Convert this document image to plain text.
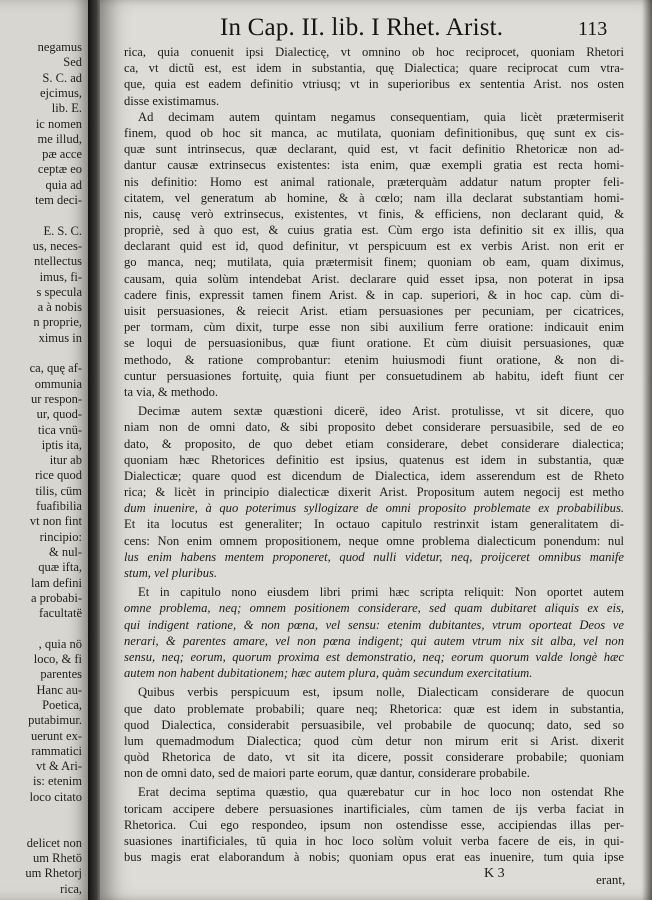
negamus
Sed
S. C. ad
ejcimus,
lib. E.
ic nomen
me illud,
pæ acce
ceptæ eo
quia ad
tem deci-
E. S. C.
us, neces-
ntellectus
imus, fi-
s specula
a à nobis
n proprie,
ximus in
ca, quę af-
ommunia
ur respon-
ur, quod-
tica vnü-
iptis ita,
itur ab
rice quod
tilis, cüm
fuafibilia
vt non fint
rincipio:
& nul-
quæ ifta,
lam defini
a probabi-
facultatë
, quia nö
loco, & fi
parentes
Hanc au-
Poetica,
putabimur.
uerunt ex-
rammatici
vt & Ari-
is: etenim
loco citato
delicet non
um Rhetö
um Rhetorj
rica,
In Cap. II. lib. I Rhet. Arist.	113
rica, quia conuenit ipsi Dialecticę, vt omnino ob hoc reciprocet, quoniam Rhetori
ca, vt dictũ est, est idem in substantia, quę Dialectica; quare reciprocat cum vtra-
que, quia est eadem definitio vtriusq; vt in superioribus ex sententia Arist. nos osten
disse existimamus.
Ad decimam autem quintam negamus consequentiam, quia licèt prætermiserit
finem, quod ob hoc sit manca, ac mutilata, quoniam definitionibus, quę sunt ex cis-
quæ sunt intrinsecus, quæ declarant, quid est, vt facit definitio Rhetoricæ non ad-
dantur causæ extrinsecus existentes: ista enim, quæ exempli gratia est recta homi-
nis definitio: Homo est animal rationale, præterquàm addatur natum propter feli-
citatem, vel generatum ab homine, & à cœlo; nam illa declarat substantiam homi-
nis, causę verò extrinsecus, existentes, vt finis, & efficiens, non declarant quid, &
propriè, sed à quo est, & cuius gratia est. Cùm ergo ista definitio sit ex illis, qua
declarant quid est id, quod definitur, vt perspicuum est ex verbis Arist. non erit er
go manca, neq; mutilata, quia prætermisit finem; quoniam ob eam, quam diximus,
causam, quia solùm intendebat Arist. declarare quid esset ipsa, non poterat in ipsa
cadere finis, expressit tamen finem Arist. & in cap. superiori, & in hoc cap. cùm di-
uisit persuasiones, & reiecit Arist. etiam persuasiones per pecuniam, per cicatrices,
per tormam, cùm dixit, turpe esse non sibi auxilium ferre oratione: indicauit enim
se loqui de persuasionibus, quæ fiunt oratione. Et cùm diuisit persuasiones, quæ
methodo, & ratione comprobantur: etenim huiusmodi fiunt oratione, & non di-
cuntur persuasiones fortuitę, quia fiunt per consuetudinem ab habitu, ideft fiunt cer
ta via, & methodo.
Decimæ autem sextæ quæstioni dicerë, ideo Arist. protulisse, vt sit dicere, quo
niam non de omni dato, & sibi proposito debet considerare persuasibile, sed de eo
dato, & proposito, de quo debet etiam considerare, debet considerare dialectica;
quoniam hæc Rhetorices definitio est ipsius, quatenus est idem in substantia, quæ
Dialecticæ; quare quod est dicendum de Dialectica, idem asserendum est de Rheto
rica; & licèt in principio dialecticæ dixerit Arist. Propositum autem negocij est metho
dum inuenire, à quo poterimus syllogizare de omni proposito problemate ex probabilibus.
Et ita locutus est generaliter; In octauo capitulo restrinxit istam generalitatem di-
cens: Non enim omnem propositionem, neque omne problema dialecticum ponendum: nul
lus enim habens mentem proponeret, quod nulli videtur, neq, proijceret omnibus manife
stum, vel pluribus.
Et in capitulo nono eiusdem libri primi hæc scripta reliquit: Non oportet autem
omne problema, neq; omnem positionem considerare, sed quam dubitaret aliquis ex eis,
qui indigent ratione, & non pœna, vel sensu: etenim dubitantes, vtrum oporteat Deos ve
nerari, & parentes amare, vel non pœna indigent; qui autem vtrum nix sit alba, vel non
sensu, neq; eorum, quorum proxima est demonstratio, neq; eorum quorum valde longè hæc
autem non habent dubitationem; hæc autem plura, quàm secundum exercitatium.
Quibus verbis perspicuum est, ipsum nolle, Dialecticam considerare de quocun
que dato problemate probabili; quare neq; Rhetorica: quæ est idem in substantia,
quod Dialectica, considerabit persuasibile, vel probabile de quocunq; dato, sed so
lum quemadmodum Dialectica; quod cùm detur non mirum erit si Arist. dixerit
quòd Rhetorica de dato, vt sit ita dicere, possit considerare probabile; quoniam
non de omni dato, sed de maiori parte eorum, quæ dantur, considerare probabile.
Erat decima septima quæstio, qua quærebatur cur in hoc loco non ostendat Rhe
toricam accipere debere persuasiones inartificiales, cùm tamen de ijs verba faciat in
Rhetorica. Cui ego respondeo, ipsum non ostendisse esse, accipiendas illas per-
suasiones inartificiales, tũ quia in hoc loco solùm voluit verba facere de eis, in qui-
bus magis erat elaborandum à nobis; quoniam opus erat eas inuenire, tum quia ipse
K 3	erant,
